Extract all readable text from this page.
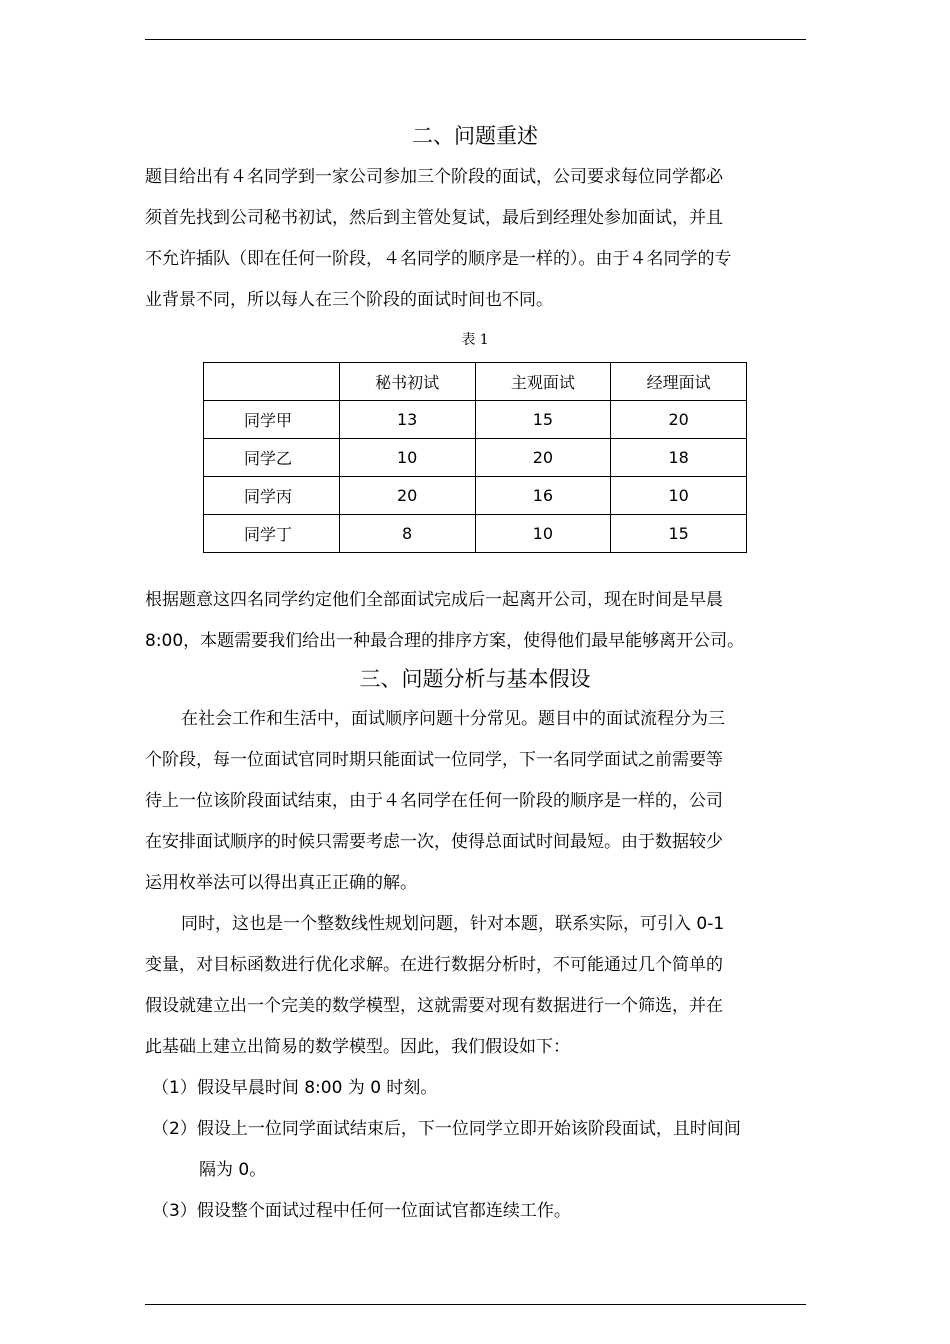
二、问题重述
题目给出有４名同学到一家公司参加三个阶段的面试，公司要求每位同学都必
须首先找到公司秘书初试，然后到主管处复试，最后到经理处参加面试，并且
不允许插队（即在任何一阶段，４名同学的顺序是一样的）。由于４名同学的专
业背景不同，所以每人在三个阶段的面试时间也不同。
表 1
	秘书初试	主观面试	经理面试
同学甲	13	15	20
同学乙	10	20	18
同学丙	20	16	10
同学丁	8	10	15
根据题意这四名同学约定他们全部面试完成后一起离开公司，现在时间是早晨
8:00，本题需要我们给出一种最合理的排序方案，使得他们最早能够离开公司。
三、问题分析与基本假设
在社会工作和生活中，面试顺序问题十分常见。题目中的面试流程分为三
个阶段，每一位面试官同时期只能面试一位同学，下一名同学面试之前需要等
待上一位该阶段面试结束，由于４名同学在任何一阶段的顺序是一样的，公司
在安排面试顺序的时候只需要考虑一次，使得总面试时间最短。由于数据较少
运用枚举法可以得出真正正确的解。
同时，这也是一个整数线性规划问题，针对本题，联系实际，可引入 0-1
变量，对目标函数进行优化求解。在进行数据分析时，不可能通过几个简单的
假设就建立出一个完美的数学模型，这就需要对现有数据进行一个筛选，并在
此基础上建立出简易的数学模型。因此，我们假设如下：
（1）假设早晨时间 8:00 为 0 时刻。
（2）假设上一位同学面试结束后，下一位同学立即开始该阶段面试，且时间间
隔为 0。
（3）假设整个面试过程中任何一位面试官都连续工作。
